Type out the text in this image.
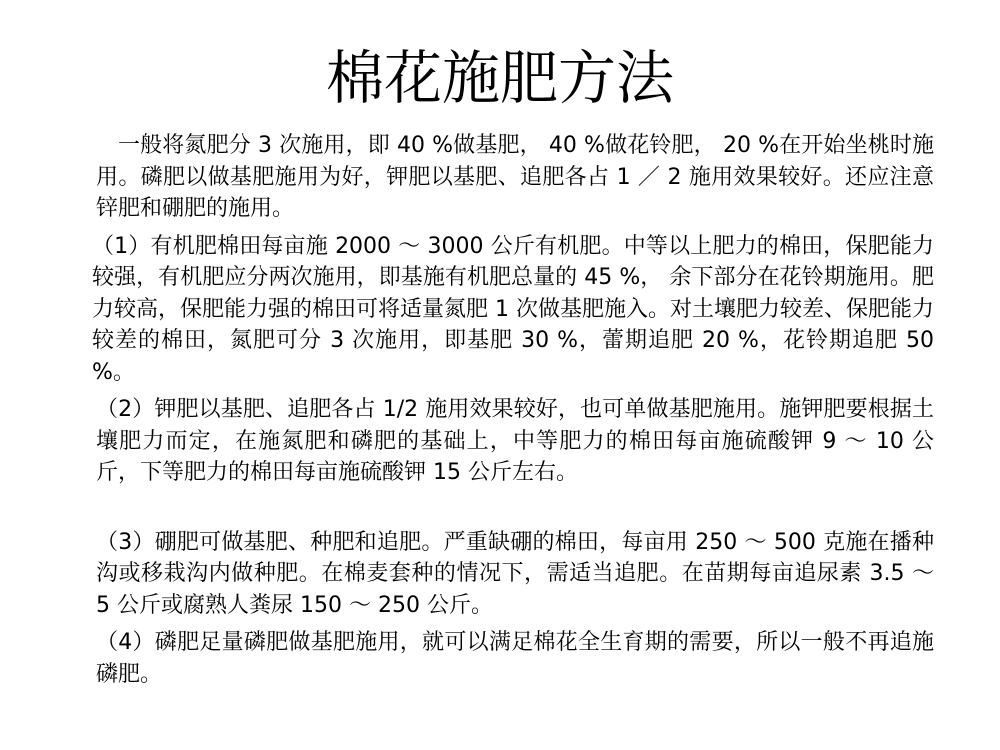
棉花施肥方法

一般将氮肥分 3 次施用，即 40 %做基肥， 40 %做花铃肥， 20 %在开始坐桃时施用。磷肥以做基肥施用为好，钾肥以基肥、追肥各占 1 ／ 2 施用效果较好。还应注意锌肥和硼肥的施用。

（1）有机肥棉田每亩施 2000 ～ 3000 公斤有机肥。中等以上肥力的棉田，保肥能力较强，有机肥应分两次施用，即基施有机肥总量的 45 %， 余下部分在花铃期施用。肥力较高，保肥能力强的棉田可将适量氮肥 1 次做基肥施入。对土壤肥力较差、保肥能力较差的棉田，氮肥可分 3 次施用，即基肥 30 %，蕾期追肥 20 %，花铃期追肥 50 %。

（2）钾肥以基肥、追肥各占 1/2 施用效果较好，也可单做基肥施用。施钾肥要根据土壤肥力而定，在施氮肥和磷肥的基础上，中等肥力的棉田每亩施硫酸钾 9 ～ 10 公斤，下等肥力的棉田每亩施硫酸钾 15 公斤左右。

（3）硼肥可做基肥、种肥和追肥。严重缺硼的棉田，每亩用 250 ～ 500 克施在播种沟或移栽沟内做种肥。在棉麦套种的情况下，需适当追肥。在苗期每亩追尿素 3.5 ～ 5 公斤或腐熟人粪尿 150 ～ 250 公斤。

（4）磷肥足量磷肥做基肥施用，就可以满足棉花全生育期的需要，所以一般不再追施磷肥。
